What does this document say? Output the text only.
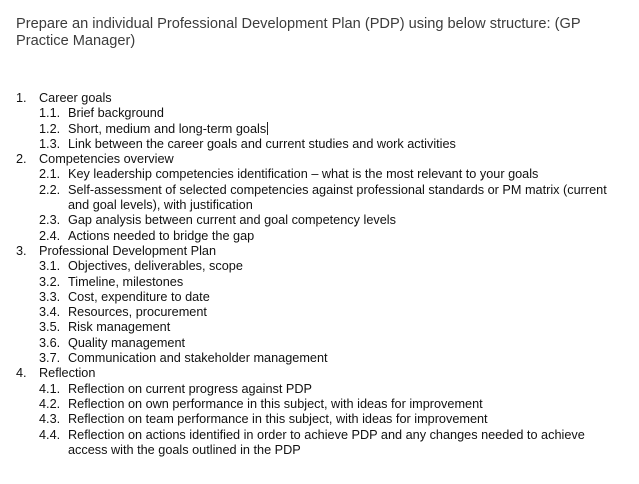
Prepare an individual Professional Development Plan (PDP) using below structure: (GP Practice Manager)

1. Career goals
1.1. Brief background
1.2. Short, medium and long-term goals
1.3. Link between the career goals and current studies and work activities
2. Competencies overview
2.1. Key leadership competencies identification – what is the most relevant to your goals
2.2. Self-assessment of selected competencies against professional standards or PM matrix (current and goal levels), with justification
2.3. Gap analysis between current and goal competency levels
2.4. Actions needed to bridge the gap
3. Professional Development Plan
3.1. Objectives, deliverables, scope
3.2. Timeline, milestones
3.3. Cost, expenditure to date
3.4. Resources, procurement
3.5. Risk management
3.6. Quality management
3.7. Communication and stakeholder management
4. Reflection
4.1. Reflection on current progress against PDP
4.2. Reflection on own performance in this subject, with ideas for improvement
4.3. Reflection on team performance in this subject, with ideas for improvement
4.4. Reflection on actions identified in order to achieve PDP and any changes needed to achieve access with the goals outlined in the PDP
